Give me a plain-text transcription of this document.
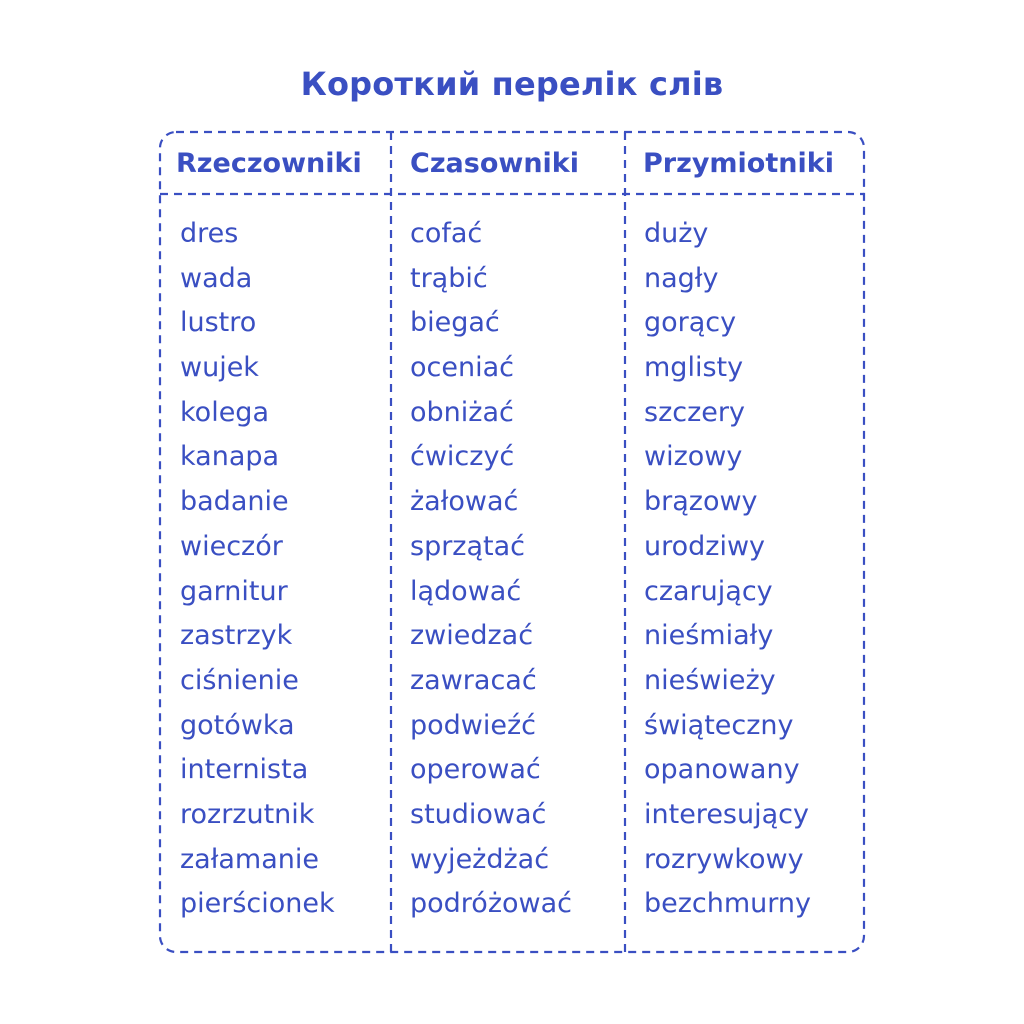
Короткий перелік слів
Rzeczowniki Czasowniki Przymiotniki
dres
wada
lustro
wujek
kolega
kanapa
badanie
wieczór
garnitur
zastrzyk
ciśnienie
gotówka
internista
rozrzutnik
załamanie
pierścionek
cofać
trąbić
biegać
oceniać
obniżać
ćwiczyć
żałować
sprzątać
lądować
zwiedzać
zawracać
podwieźć
operować
studiować
wyjeżdżać
podróżować
duży
nagły
gorący
mglisty
szczery
wizowy
brązowy
urodziwy
czarujący
nieśmiały
nieświeży
świąteczny
opanowany
interesujący
rozrywkowy
bezchmurny
